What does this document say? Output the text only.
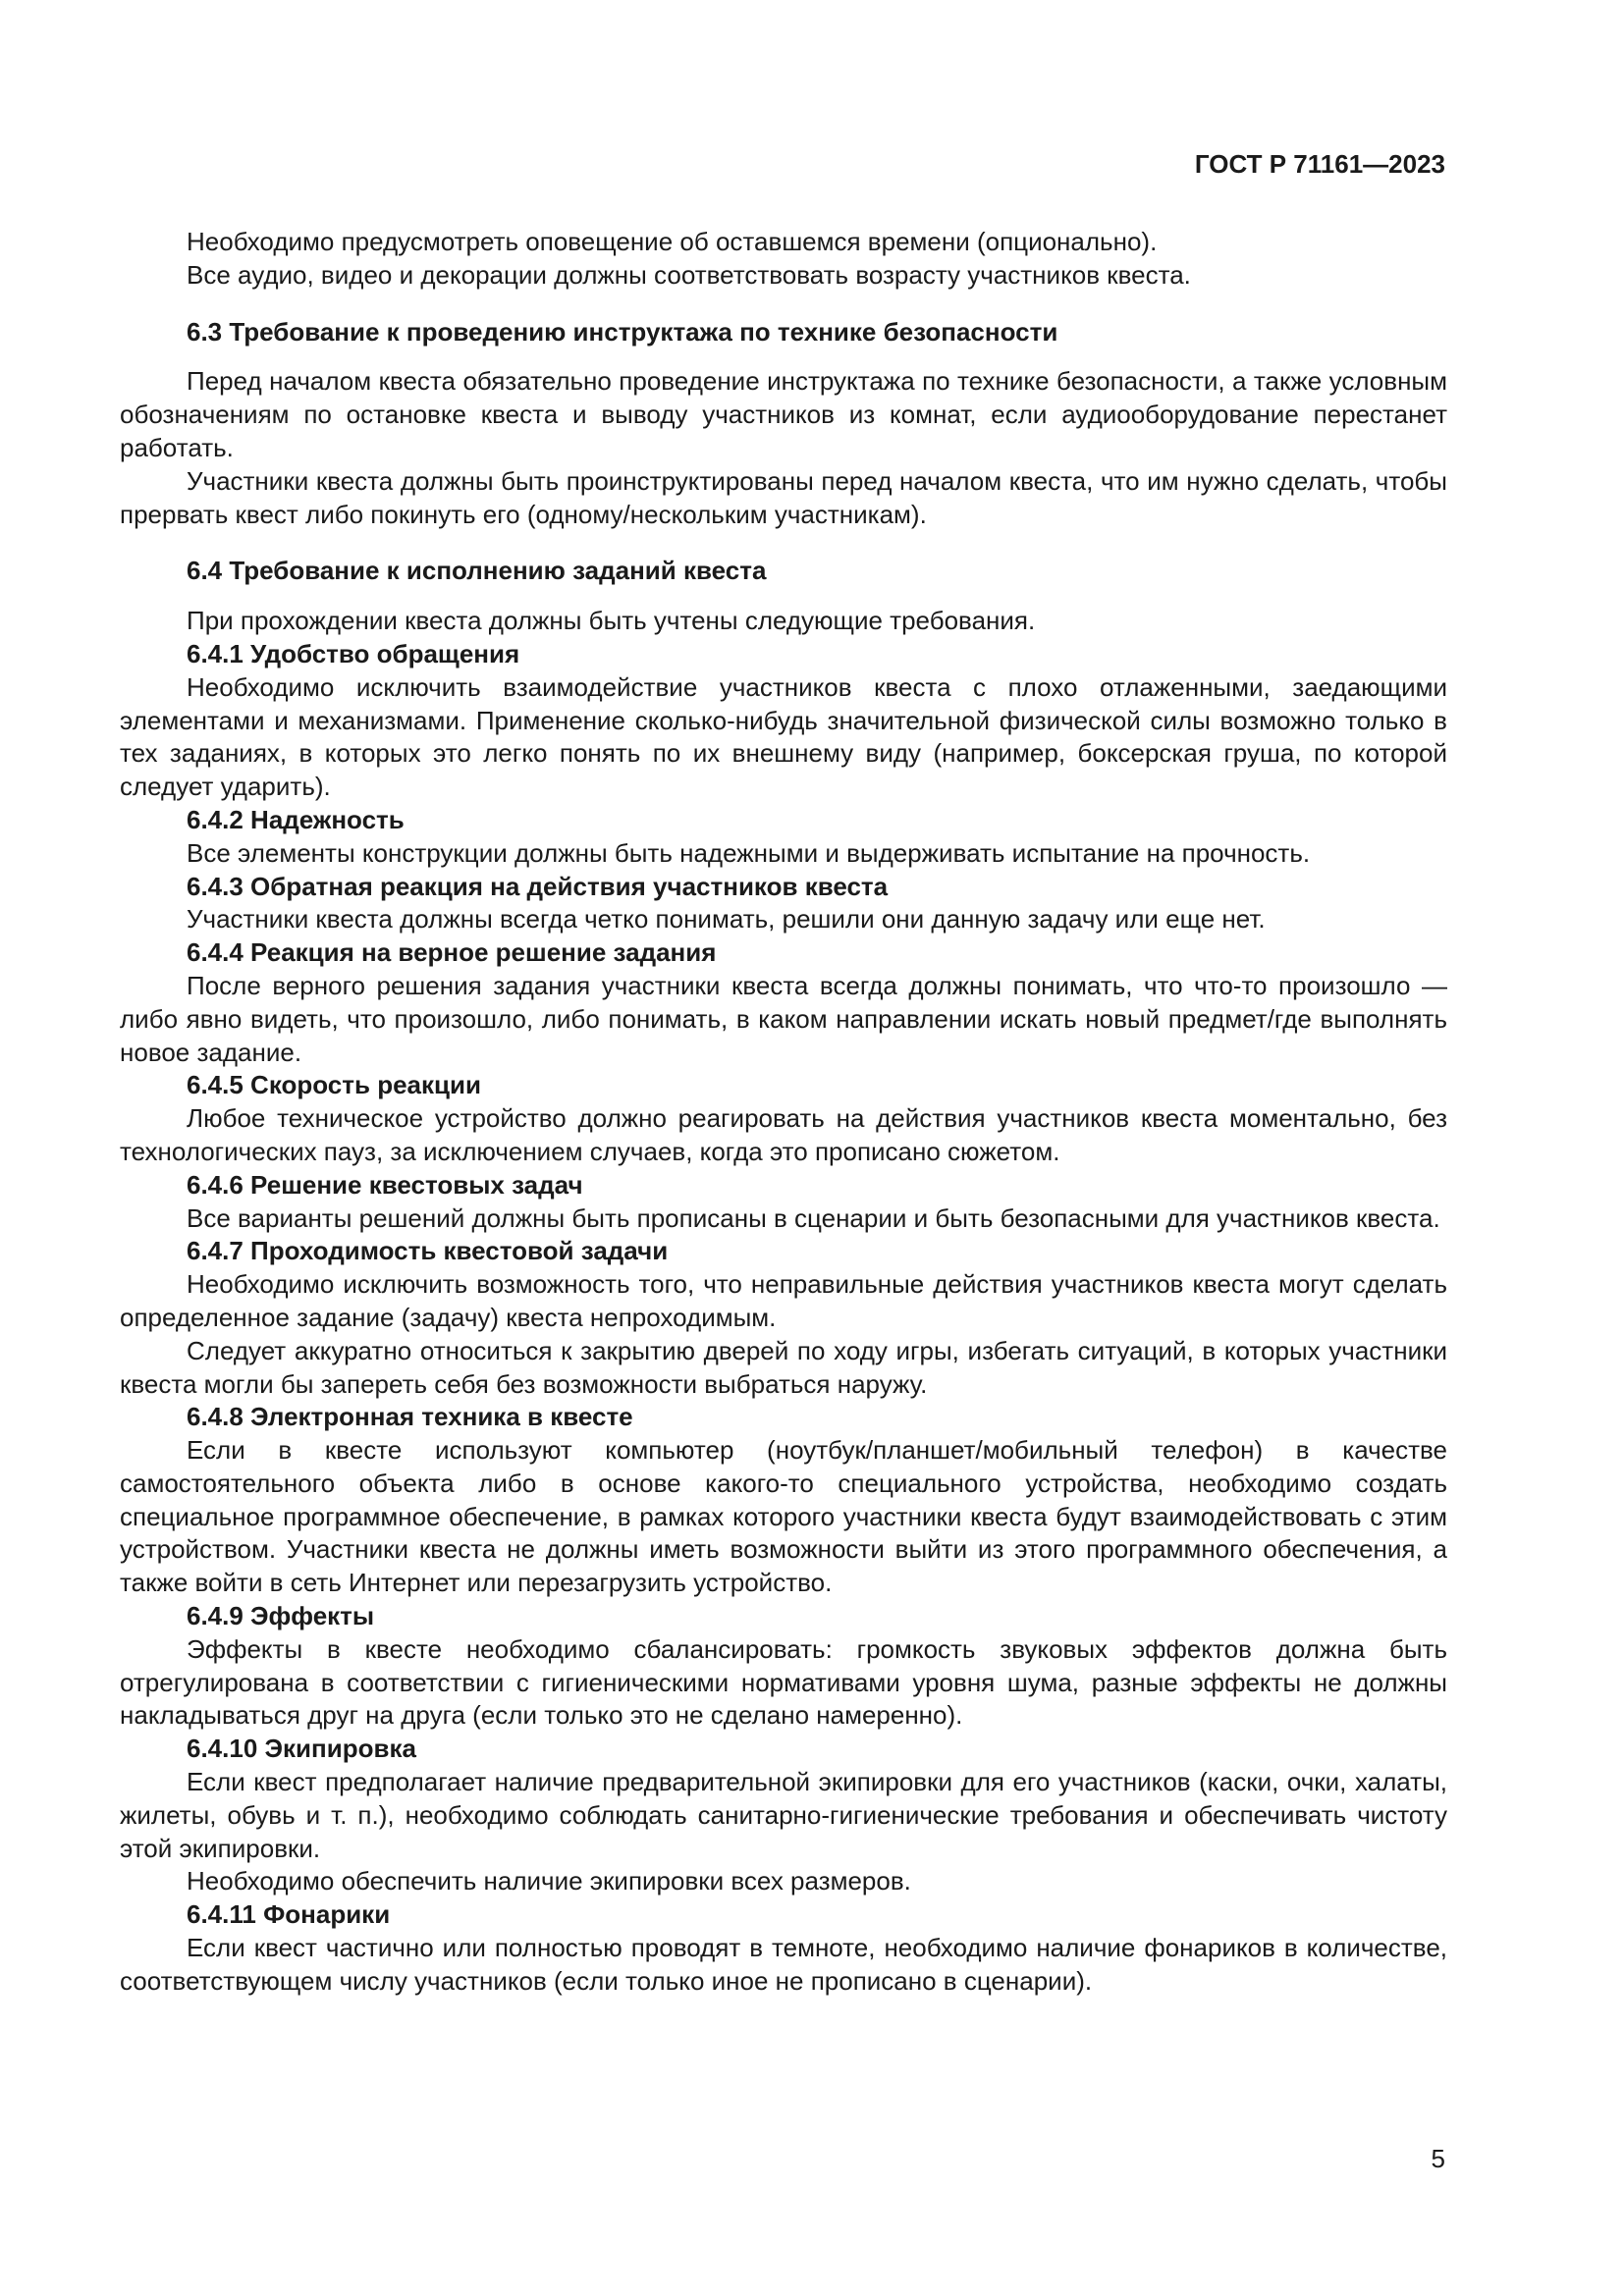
ГОСТ Р 71161—2023

Необходимо предусмотреть оповещение об оставшемся времени (опционально).

Все аудио, видео и декорации должны соответствовать возрасту участников квеста.

6.3 Требование к проведению инструктажа по технике безопасности

Перед началом квеста обязательно проведение инструктажа по технике безопасности, а также условным обозначениям по остановке квеста и выводу участников из комнат, если аудиооборудование перестанет работать.

Участники квеста должны быть проинструктированы перед началом квеста, что им нужно сделать, чтобы прервать квест либо покинуть его (одному/нескольким участникам).

6.4 Требование к исполнению заданий квеста

При прохождении квеста должны быть учтены следующие требования.

6.4.1 Удобство обращения

Необходимо исключить взаимодействие участников квеста с плохо отлаженными, заедающими элементами и механизмами. Применение сколько-нибудь значительной физической силы возможно только в тех заданиях, в которых это легко понять по их внешнему виду (например, боксерская груша, по которой следует ударить).

6.4.2 Надежность

Все элементы конструкции должны быть надежными и выдерживать испытание на прочность.

6.4.3 Обратная реакция на действия участников квеста

Участники квеста должны всегда четко понимать, решили они данную задачу или еще нет.

6.4.4 Реакция на верное решение задания

После верного решения задания участники квеста всегда должны понимать, что что-то произошло — либо явно видеть, что произошло, либо понимать, в каком направлении искать новый предмет/где выполнять новое задание.

6.4.5 Скорость реакции

Любое техническое устройство должно реагировать на действия участников квеста моментально, без технологических пауз, за исключением случаев, когда это прописано сюжетом.

6.4.6 Решение квестовых задач

Все варианты решений должны быть прописаны в сценарии и быть безопасными для участников квеста.

6.4.7 Проходимость квестовой задачи

Необходимо исключить возможность того, что неправильные действия участников квеста могут сделать определенное задание (задачу) квеста непроходимым.

Следует аккуратно относиться к закрытию дверей по ходу игры, избегать ситуаций, в которых участники квеста могли бы запереть себя без возможности выбраться наружу.

6.4.8 Электронная техника в квесте

Если в квесте используют компьютер (ноутбук/планшет/мобильный телефон) в качестве самостоятельного объекта либо в основе какого-то специального устройства, необходимо создать специальное программное обеспечение, в рамках которого участники квеста будут взаимодействовать с этим устройством. Участники квеста не должны иметь возможности выйти из этого программного обеспечения, а также войти в сеть Интернет или перезагрузить устройство.

6.4.9 Эффекты

Эффекты в квесте необходимо сбалансировать: громкость звуковых эффектов должна быть отрегулирована в соответствии с гигиеническими нормативами уровня шума, разные эффекты не должны накладываться друг на друга (если только это не сделано намеренно).

6.4.10 Экипировка

Если квест предполагает наличие предварительной экипировки для его участников (каски, очки, халаты, жилеты, обувь и т. п.), необходимо соблюдать санитарно-гигиенические требования и обеспечивать чистоту этой экипировки.

Необходимо обеспечить наличие экипировки всех размеров.

6.4.11 Фонарики

Если квест частично или полностью проводят в темноте, необходимо наличие фонариков в количестве, соответствующем числу участников (если только иное не прописано в сценарии).

5
